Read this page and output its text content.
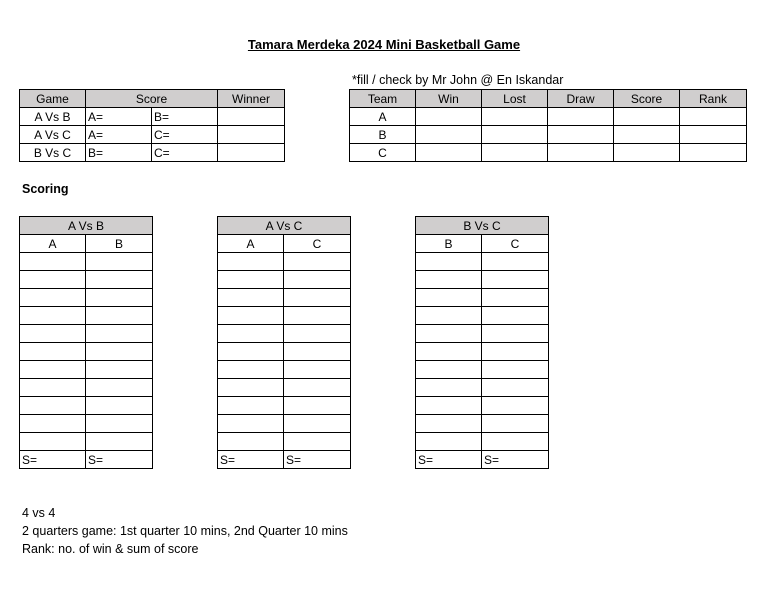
Tamara Merdeka 2024 Mini Basketball Game
*fill / check by Mr John @ En Iskandar
Game	Score		Winner
A Vs B	A=	B=	
A Vs C	A=	C=	
B Vs C	B=	C=	
Team	Win	Lost	Draw	Score	Rank
A					
B					
C					
Scoring
A Vs B	
A	B

S=	S=
A Vs C	
A	C

S=	S=
B Vs C	
B	C

S=	S=
4 vs 4
2 quarters game: 1st quarter 10 mins, 2nd Quarter 10 mins
Rank: no. of win & sum of score
